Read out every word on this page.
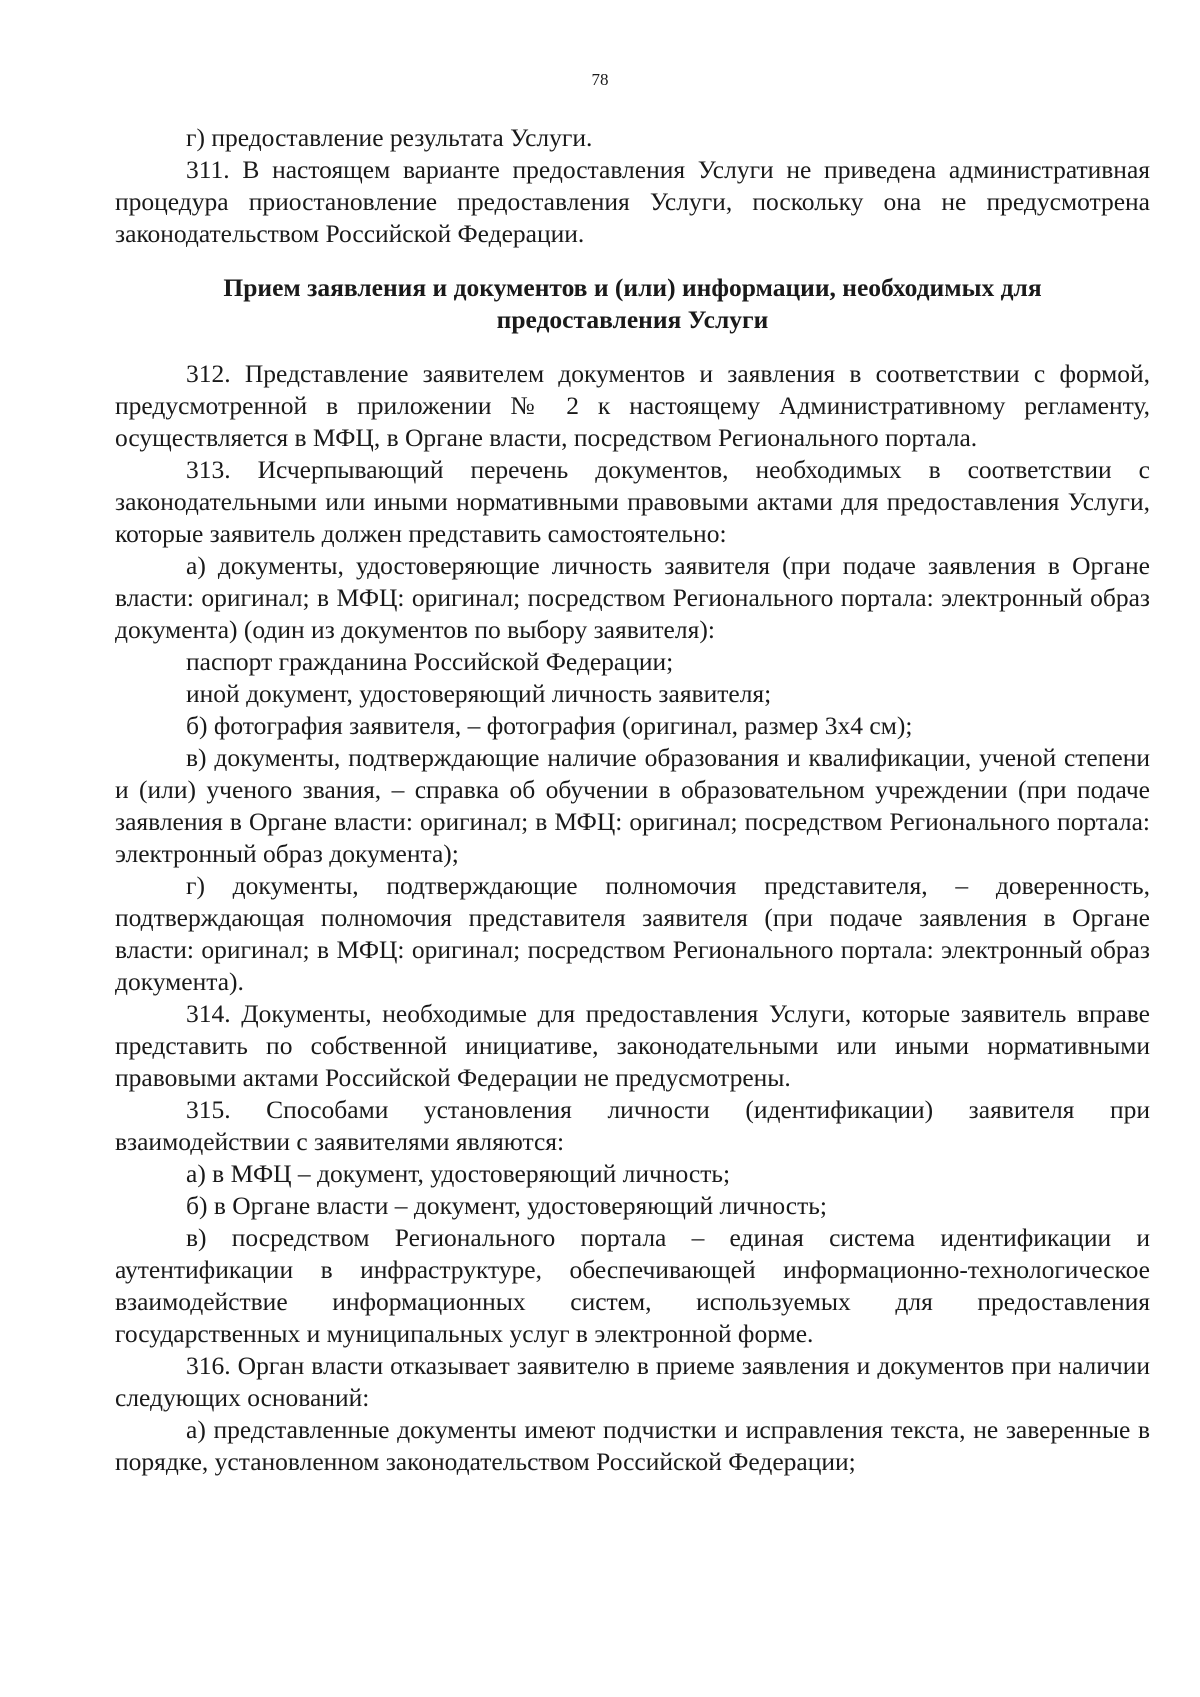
78

г) предоставление результата Услуги.

311. В настоящем варианте предоставления Услуги не приведена административная процедура приостановление предоставления Услуги, поскольку она не предусмотрена законодательством Российской Федерации.

Прием заявления и документов и (или) информации, необходимых для
предоставления Услуги

312. Представление заявителем документов и заявления в соответствии с формой, предусмотренной в приложении № 2 к настоящему Административному регламенту, осуществляется в МФЦ, в Органе власти, посредством Регионального портала.

313. Исчерпывающий перечень документов, необходимых в соответствии с законодательными или иными нормативными правовыми актами для предоставления Услуги, которые заявитель должен представить самостоятельно:

а) документы, удостоверяющие личность заявителя (при подаче заявления в Органе власти: оригинал; в МФЦ: оригинал; посредством Регионального портала: электронный образ документа) (один из документов по выбору заявителя):

паспорт гражданина Российской Федерации;

иной документ, удостоверяющий личность заявителя;

б) фотография заявителя, – фотография (оригинал, размер 3х4 см);

в) документы, подтверждающие наличие образования и квалификации, ученой степени и (или) ученого звания, – справка об обучении в образовательном учреждении (при подаче заявления в Органе власти: оригинал; в МФЦ: оригинал; посредством Регионального портала: электронный образ документа);

г) документы, подтверждающие полномочия представителя, – доверенность, подтверждающая полномочия представителя заявителя (при подаче заявления в Органе власти: оригинал; в МФЦ: оригинал; посредством Регионального портала: электронный образ документа).

314. Документы, необходимые для предоставления Услуги, которые заявитель вправе представить по собственной инициативе, законодательными или иными нормативными правовыми актами Российской Федерации не предусмотрены.

315. Способами установления личности (идентификации) заявителя при взаимодействии с заявителями являются:

а) в МФЦ – документ, удостоверяющий личность;

б) в Органе власти – документ, удостоверяющий личность;

в) посредством Регионального портала – единая система идентификации и аутентификации в инфраструктуре, обеспечивающей информационно-технологическое взаимодействие информационных систем, используемых для предоставления государственных и муниципальных услуг в электронной форме.

316. Орган власти отказывает заявителю в приеме заявления и документов при наличии следующих оснований:

а) представленные документы имеют подчистки и исправления текста, не заверенные в порядке, установленном законодательством Российской Федерации;
